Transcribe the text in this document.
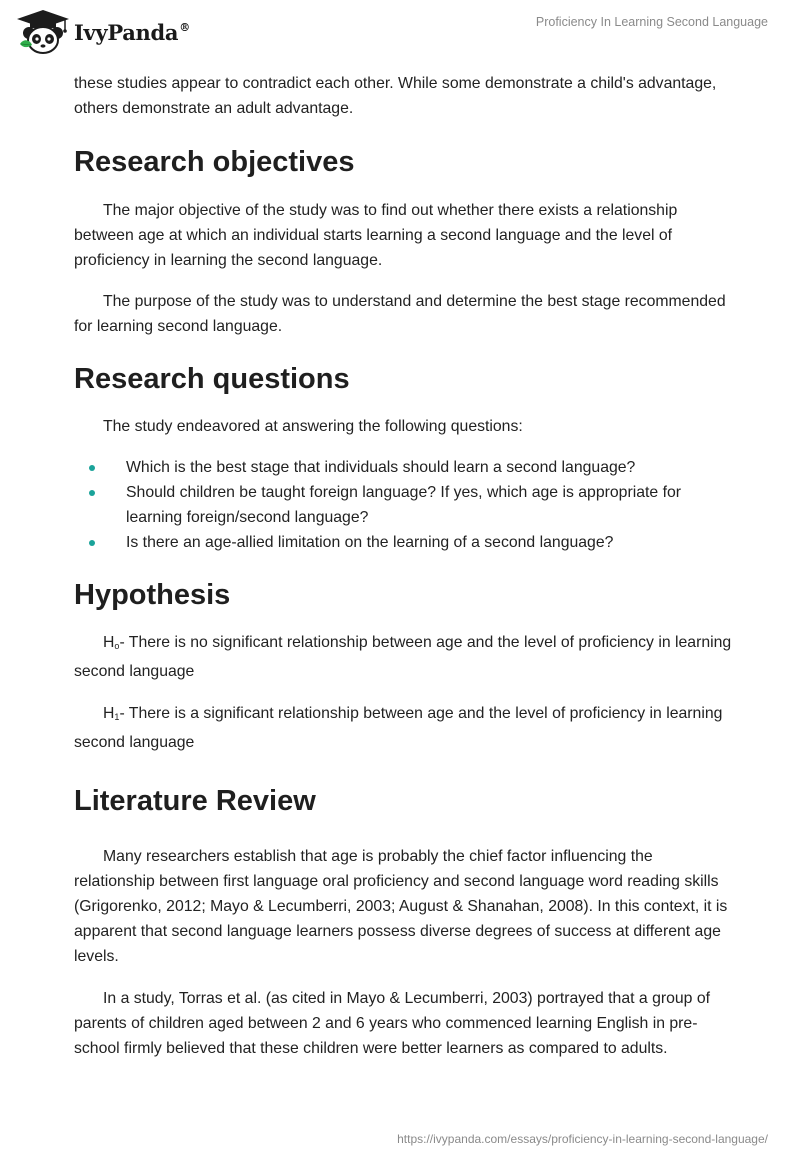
IvyPanda®	Proficiency In Learning Second Language

these studies appear to contradict each other. While some demonstrate a child's advantage, others demonstrate an adult advantage.

Research objectives

The major objective of the study was to find out whether there exists a relationship between age at which an individual starts learning a second language and the level of proficiency in learning the second language.

The purpose of the study was to understand and determine the best stage recommended for learning second language.

Research questions

The study endeavored at answering the following questions:

Which is the best stage that individuals should learn a second language?
Should children be taught foreign language? If yes, which age is appropriate for learning foreign/second language?
Is there an age-allied limitation on the learning of a second language?
Hypothesis

$H_o-$ There is no significant relationship between age and the level of proficiency in learning second language

$H_1-$ There is a significant relationship between age and the level of proficiency in learning second language

Literature Review

Many researchers establish that age is probably the chief factor influencing the relationship between first language oral proficiency and second language word reading skills (Grigorenko, 2012; Mayo & Lecumberri, 2003; August & Shanahan, 2008). In this context, it is apparent that second language learners possess diverse degrees of success at different age levels.

In a study, Torras et al. (as cited in Mayo & Lecumberri, 2003) portrayed that a group of parents of children aged between 2 and 6 years who commenced learning English in pre-school firmly believed that these children were better learners as compared to adults.

https://ivypanda.com/essays/proficiency-in-learning-second-language/
